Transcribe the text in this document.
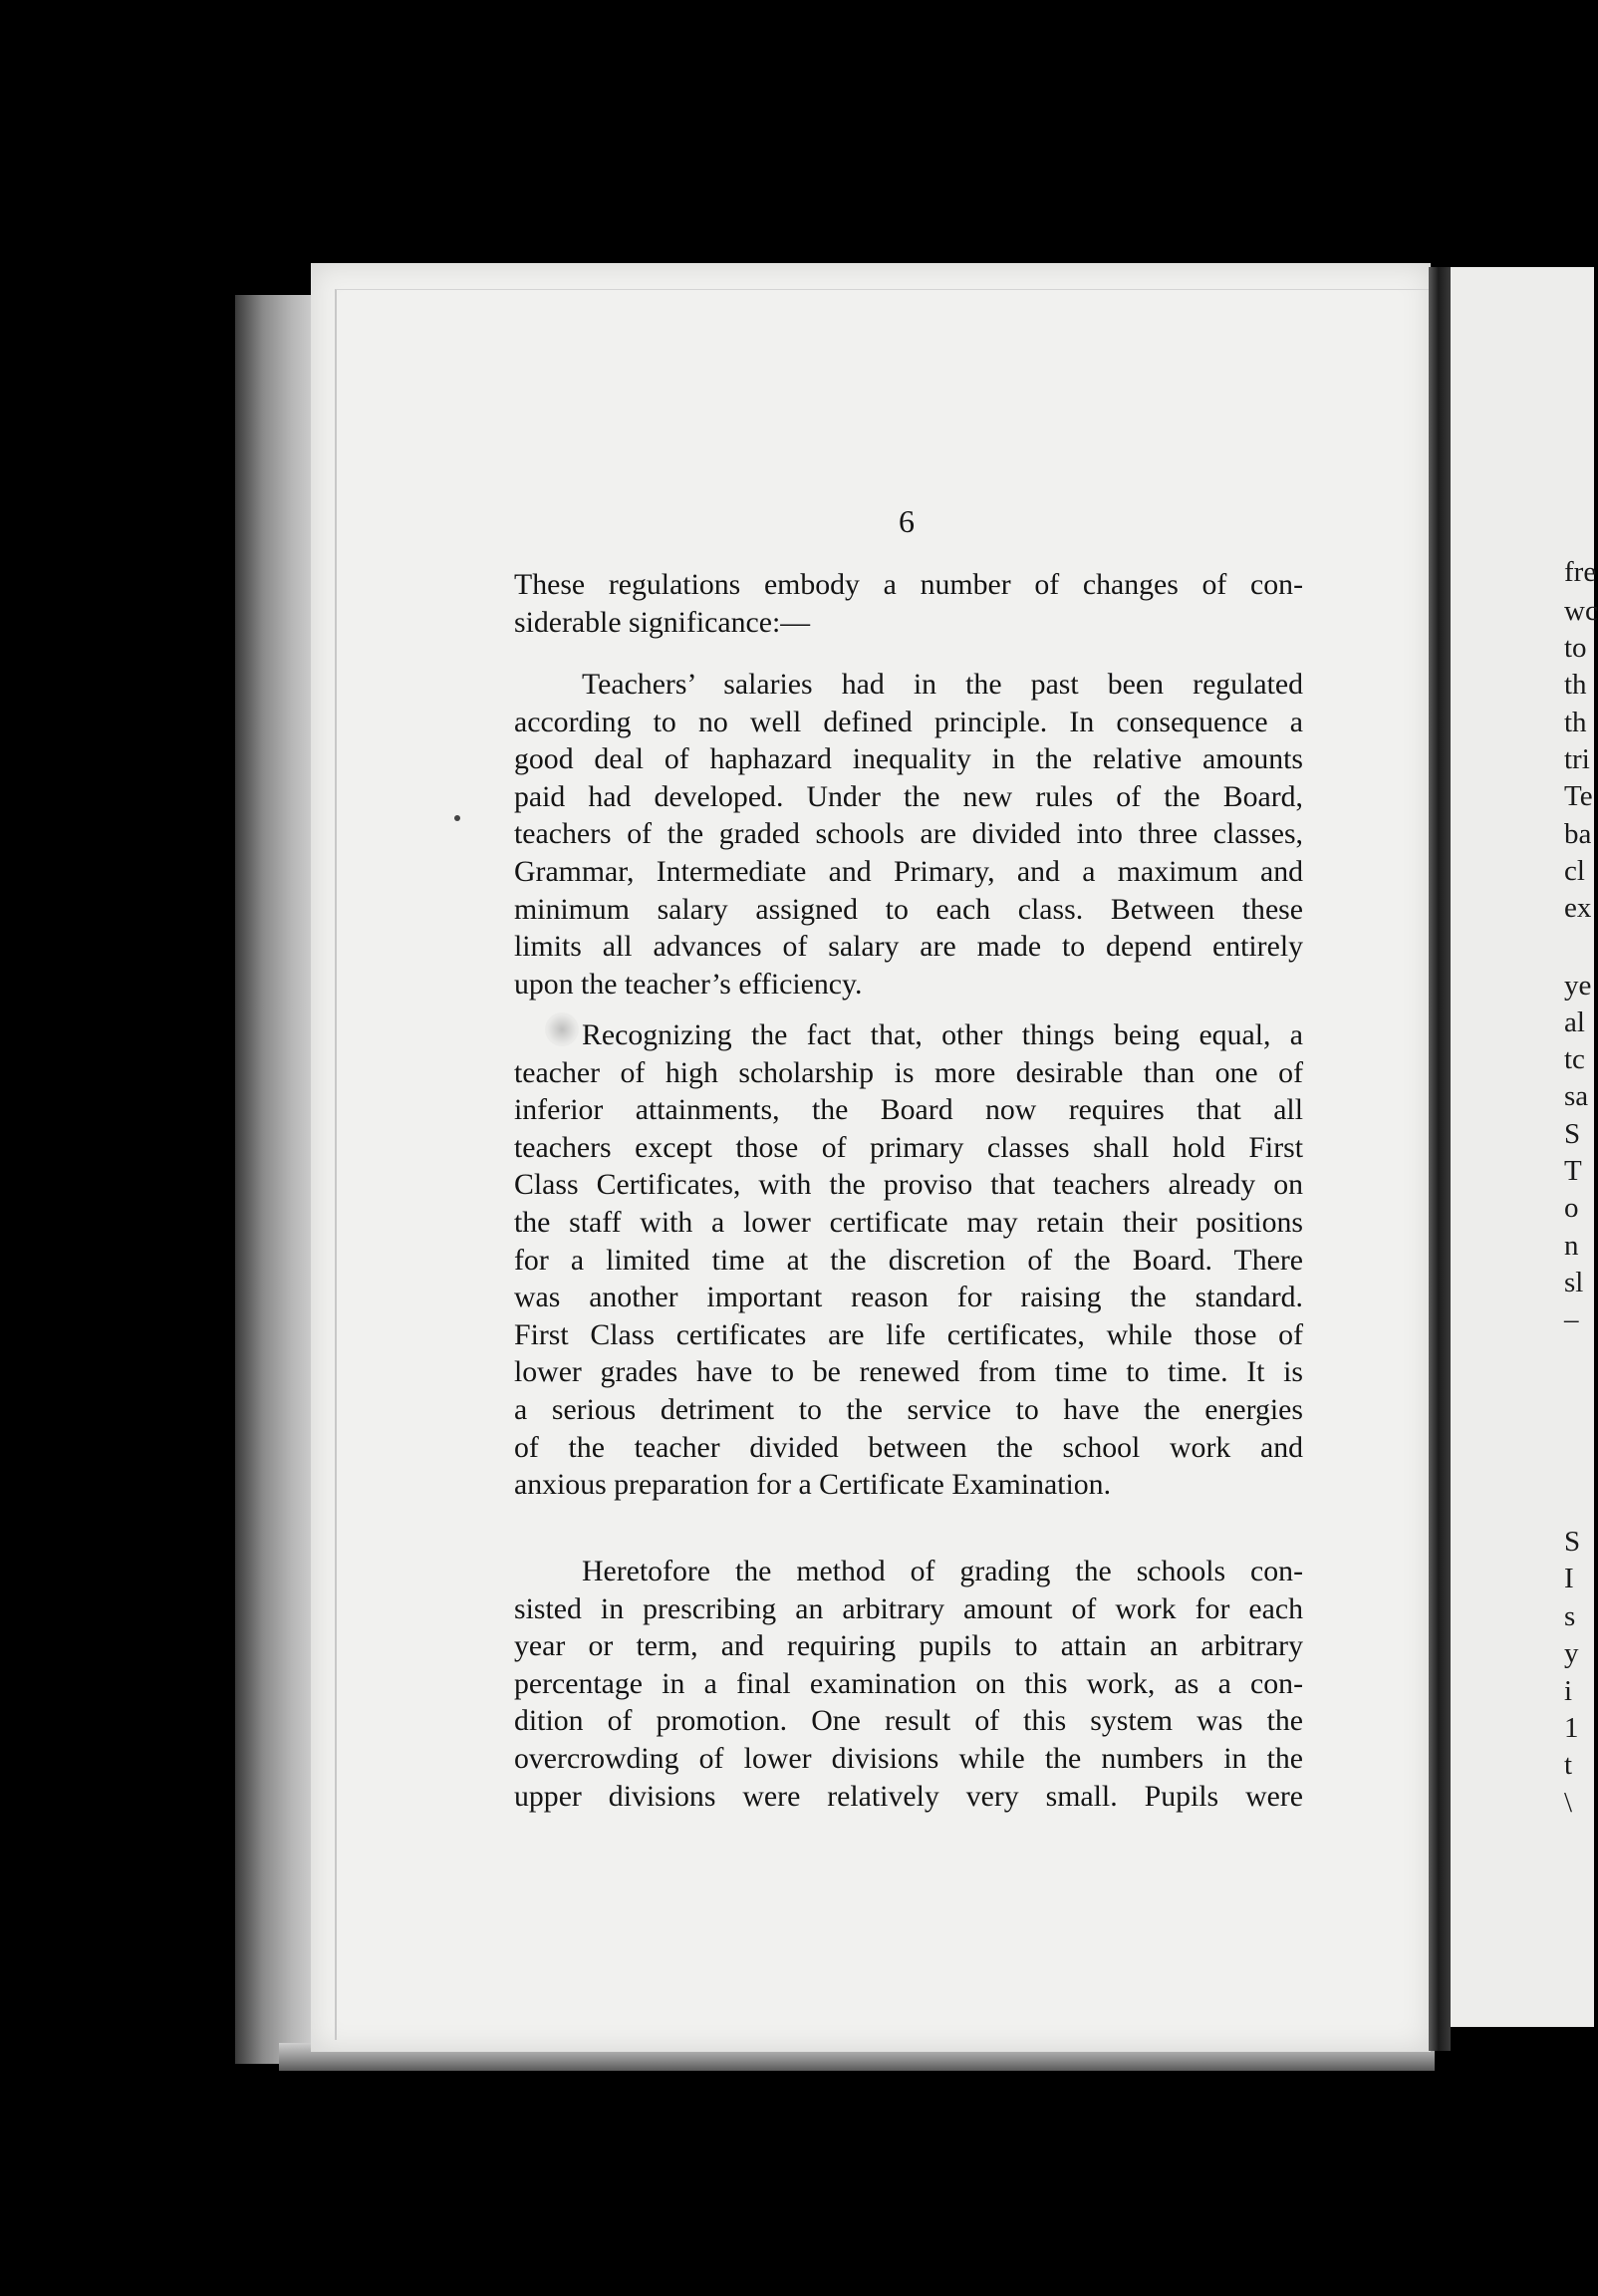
6
These regulations embody a number of changes of con-
siderable significance:—
Teachers’ salaries had in the past been regulated
according to no well defined principle. In consequence a
good deal of haphazard inequality in the relative amounts
paid had developed. Under the new rules of the Board,
teachers of the graded schools are divided into three classes,
Grammar, Intermediate and Primary, and a maximum and
minimum salary assigned to each class. Between these
limits all advances of salary are made to depend entirely
upon the teacher’s efficiency.
Recognizing the fact that, other things being equal, a
teacher of high scholarship is more desirable than one of
inferior attainments, the Board now requires that all
teachers except those of primary classes shall hold First
Class Certificates, with the proviso that teachers already on
the staff with a lower certificate may retain their positions
for a limited time at the discretion of the Board. There
was another important reason for raising the standard.
First Class certificates are life certificates, while those of
lower grades have to be renewed from time to time. It is
a serious detriment to the service to have the energies
of the teacher divided between the school work and
anxious preparation for a Certificate Examination.
Heretofore the method of grading the schools con-
sisted in prescribing an arbitrary amount of work for each
year or term, and requiring pupils to attain an arbitrary
percentage in a final examination on this work, as a con-
dition of promotion. One result of this system was the
overcrowding of lower divisions while the numbers in the
upper divisions were relatively very small. Pupils were
fre
wc
to
th
th
tri
Te
ba
cl
ex
ye
al
tc
sa
S
T
o
n
sl
–
S
I
s
y
i
1
t
\
